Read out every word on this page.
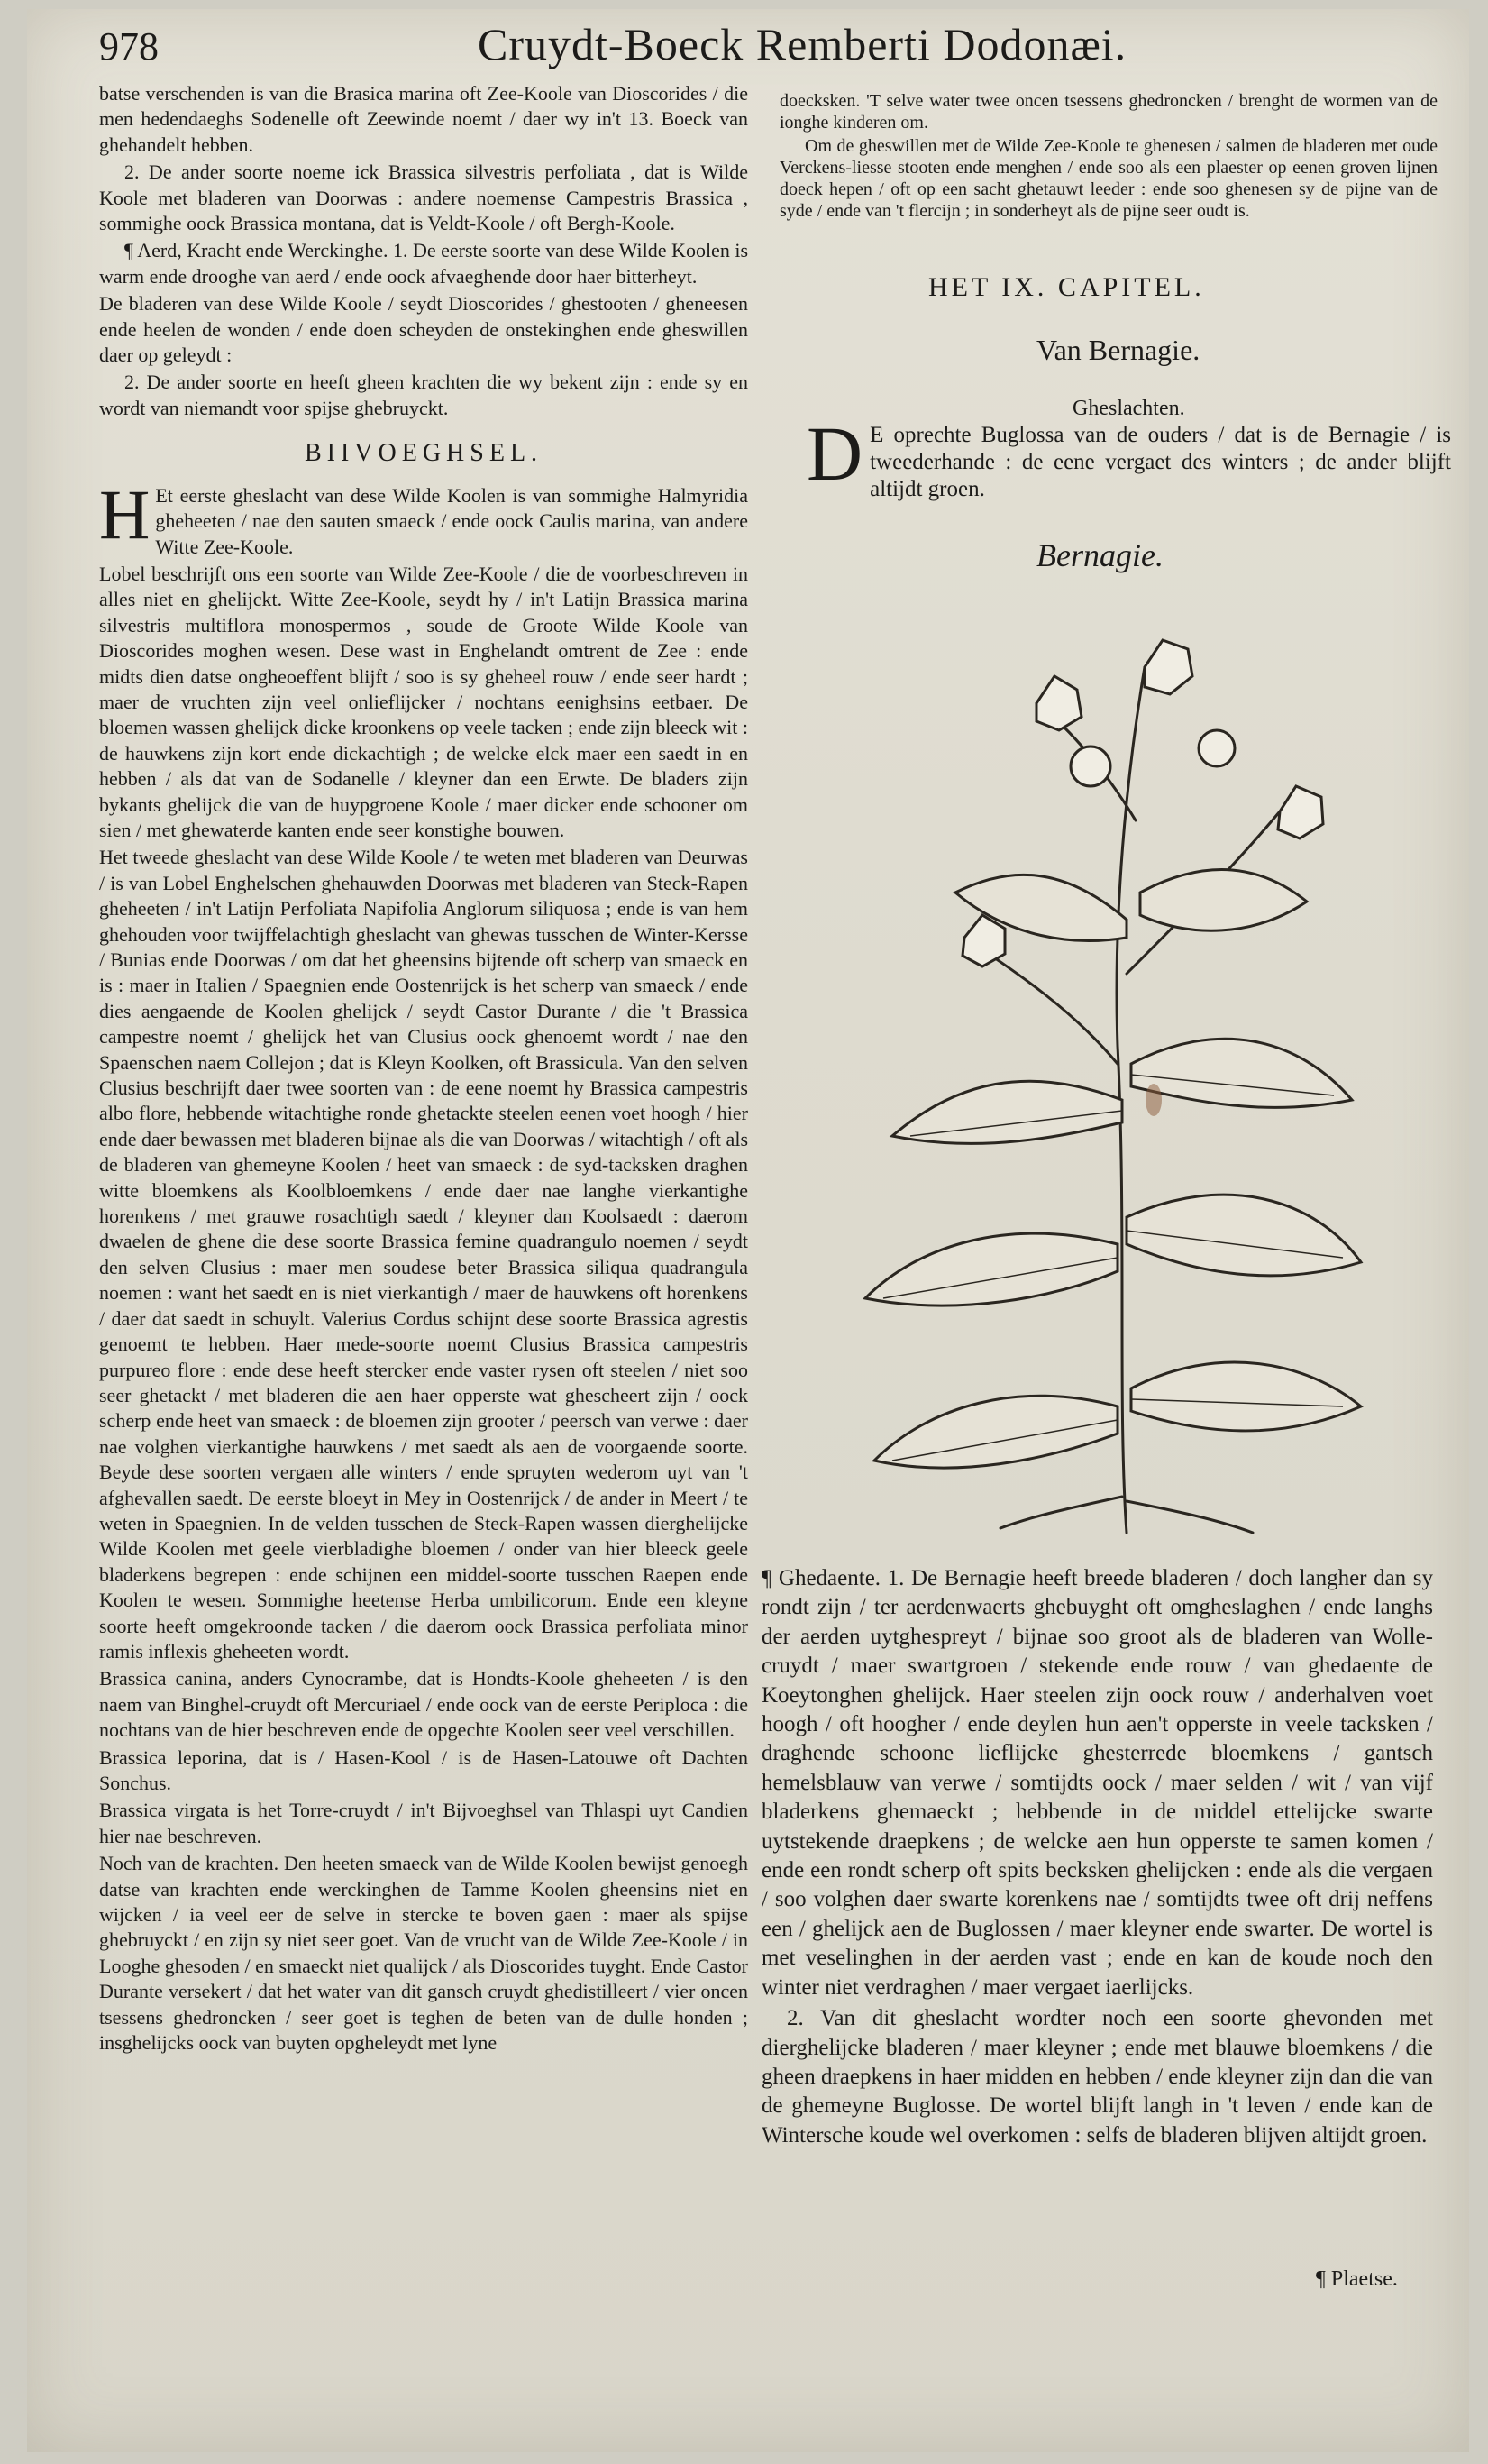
978	Cruydt-Boeck Remberti Dodonæi.

batse verschenden is van die Brasica marina oft Zee-Koole van Dioscorides / die men hedendaeghs Sodenelle oft Zeewinde noemt / daer wy in't 13. Boeck van ghehandelt hebben.

2. De ander soorte noeme ick Brassica silvestris perfoliata , dat is Wilde Koole met bladeren van Doorwas : andere noemense Campestris Brassica , sommighe oock Brassica montana, dat is Veldt-Koole / oft Bergh-Koole.

¶ Aerd, Kracht ende Werckinghe. 1. De eerste soorte van dese Wilde Koolen is warm ende drooghe van aerd / ende oock afvaeghende door haer bitterheyt.

De bladeren van dese Wilde Koole / seydt Dioscorides / ghestooten / gheneesen ende heelen de wonden / ende doen scheyden de onstekinghen ende gheswillen daer op geleydt :

2. De ander soorte en heeft gheen krachten die wy bekent zijn : ende sy en wordt van niemandt voor spijse ghebruyckt.

BIIVOEGHSEL.

H Et eerste gheslacht van dese Wilde Koolen is van sommighe Halmyridia gheheeten / nae den sauten smaeck / ende oock Caulis marina, van andere Witte Zee-Koole.

Lobel beschrijft ons een soorte van Wilde Zee-Koole / die de voorbeschreven in alles niet en ghelijckt. Witte Zee-Koole, seydt hy / in't Latijn Brassica marina silvestris multiflora monospermos , soude de Groote Wilde Koole van Dioscorides moghen wesen. Dese wast in Enghelandt omtrent de Zee : ende midts dien datse ongheoeffent blijft / soo is sy gheheel rouw / ende seer hardt ; maer de vruchten zijn veel onlieflijcker / nochtans eenighsins eetbaer. De bloemen wassen ghelijck dicke kroonkens op veele tacken ; ende zijn bleeck wit : de hauwkens zijn kort ende dickachtigh ; de welcke elck maer een saedt in en hebben / als dat van de Sodanelle / kleyner dan een Erwte. De bladers zijn bykants ghelijck die van de huypgroene Koole / maer dicker ende schooner om sien / met ghewaterde kanten ende seer konstighe bouwen.

Het tweede gheslacht van dese Wilde Koole / te weten met bladeren van Deurwas / is van Lobel Enghelschen ghehauwden Doorwas met bladeren van Steck-Rapen gheheeten / in't Latijn Perfoliata Napifolia Anglorum siliquosa ; ende is van hem ghehouden voor twijffelachtigh gheslacht van ghewas tusschen de Winter-Kersse / Bunias ende Doorwas / om dat het gheensins bijtende oft scherp van smaeck en is : maer in Italien / Spaegnien ende Oostenrijck is het scherp van smaeck / ende dies aengaende de Koolen ghelijck / seydt Castor Durante / die 't Brassica campestre noemt / ghelijck het van Clusius oock ghenoemt wordt / nae den Spaenschen naem Collejon ; dat is Kleyn Koolken, oft Brassicula. Van den selven Clusius beschrijft daer twee soorten van : de eene noemt hy Brassica campestris albo flore, hebbende witachtighe ronde ghetackte steelen eenen voet hoogh / hier ende daer bewassen met bladeren bijnae als die van Doorwas / witachtigh / oft als de bladeren van ghemeyne Koolen / heet van smaeck : de syd-tacksken draghen witte bloemkens als Koolbloemkens / ende daer nae langhe vierkantighe horenkens / met grauwe rosachtigh saedt / kleyner dan Koolsaedt : daerom dwaelen de ghene die dese soorte Brassica femine quadrangulo noemen / seydt den selven Clusius : maer men soudese beter Brassica siliqua quadrangula noemen : want het saedt en is niet vierkantigh / maer de hauwkens oft horenkens / daer dat saedt in schuylt. Valerius Cordus schijnt dese soorte Brassica agrestis genoemt te hebben. Haer mede-soorte noemt Clusius Brassica campestris purpureo flore : ende dese heeft stercker ende vaster rysen oft steelen / niet soo seer ghetackt / met bladeren die aen haer opperste wat ghescheert zijn / oock scherp ende heet van smaeck : de bloemen zijn grooter / peersch van verwe : daer nae volghen vierkantighe hauwkens / met saedt als aen de voorgaende soorte. Beyde dese soorten vergaen alle winters / ende spruyten wederom uyt van 't afghevallen saedt. De eerste bloeyt in Mey in Oostenrijck / de ander in Meert / te weten in Spaegnien. In de velden tusschen de Steck-Rapen wassen dierghelijcke Wilde Koolen met geele vierbladighe bloemen / onder van hier bleeck geele bladerkens begrepen : ende schijnen een middel-soorte tusschen Raepen ende Koolen te wesen. Sommighe heetense Herba umbilicorum. Ende een kleyne soorte heeft omgekroonde tacken / die daerom oock Brassica perfoliata minor ramis inflexis gheheeten wordt.

Brassica canina, anders Cynocrambe, dat is Hondts-Koole gheheeten / is den naem van Binghel-cruydt oft Mercuriael / ende oock van de eerste Periploca : die nochtans van de hier beschreven ende de opgechte Koolen seer veel verschillen.

Brassica leporina, dat is / Hasen-Kool / is de Hasen-Latouwe oft Dachten Sonchus.

Brassica virgata is het Torre-cruydt / in't Bijvoeghsel van Thlaspi uyt Candien hier nae beschreven.

Noch van de krachten. Den heeten smaeck van de Wilde Koolen bewijst genoegh datse van krachten ende werckinghen de Tamme Koolen gheensins niet en wijcken / ia veel eer de selve in stercke te boven gaen : maer als spijse ghebruyckt / en zijn sy niet seer goet. Van de vrucht van de Wilde Zee-Koole / in Looghe ghesoden / en smaeckt niet qualijck / als Dioscorides tuyght. Ende Castor Durante versekert / dat het water van dit gansch cruydt ghedistilleert / vier oncen tsessens ghedroncken / seer goet is teghen de beten van de dulle honden ; insghelijcks oock van buyten opgheleydt met lyne

doecksken. 'T selve water twee oncen tsessens ghedroncken / brenght de wormen van de ionghe kinderen om.

Om de gheswillen met de Wilde Zee-Koole te ghenesen / salmen de bladeren met oude Verckens-liesse stooten ende menghen / ende soo als een plaester op eenen groven lijnen doeck hepen / oft op een sacht ghetauwt leeder : ende soo ghenesen sy de pijne van de syde / ende van 't flercijn ; in sonderheyt als de pijne seer oudt is.

HET IX. CAPITEL.
Van Bernagie.
Gheslachten.
D E oprechte Buglossa van de ouders / dat is de Bernagie / is tweederhande : de eene vergaet des winters ; de ander blijft altijdt groen.
Bernagie.

¶ Ghedaente. 1. De Bernagie heeft breede bladeren / doch langher dan sy rondt zijn / ter aerdenwaerts ghebuyght oft omgheslaghen / ende langhs der aerden uytghespreyt / bijnae soo groot als de bladeren van Wolle-cruydt / maer swartgroen / stekende ende rouw / van ghedaente de Koeytonghen ghelijck. Haer steelen zijn oock rouw / anderhalven voet hoogh / oft hoogher / ende deylen hun aen't opperste in veele tacksken / draghende schoone lieflijcke ghesterrede bloemkens / gantsch hemelsblauw van verwe / somtijdts oock / maer selden / wit / van vijf bladerkens ghemaeckt ; hebbende in de middel ettelijcke swarte uytstekende draepkens ; de welcke aen hun opperste te samen komen / ende een rondt scherp oft spits becksken ghelijcken : ende als die vergaen / soo volghen daer swarte korenkens nae / somtijdts twee oft drij neffens een / ghelijck aen de Buglossen / maer kleyner ende swarter. De wortel is met veselinghen in der aerden vast ; ende en kan de koude noch den winter niet verdraghen / maer vergaet iaerlijcks.

2. Van dit gheslacht wordter noch een soorte ghevonden met dierghelijcke bladeren / maer kleyner ; ende met blauwe bloemkens / die gheen draepkens in haer midden en hebben / ende kleyner zijn dan die van de ghemeyne Buglosse. De wortel blijft langh in 't leven / ende kan de Wintersche koude wel overkomen : selfs de bladeren blijven altijdt groen.

¶ Plaetse.
